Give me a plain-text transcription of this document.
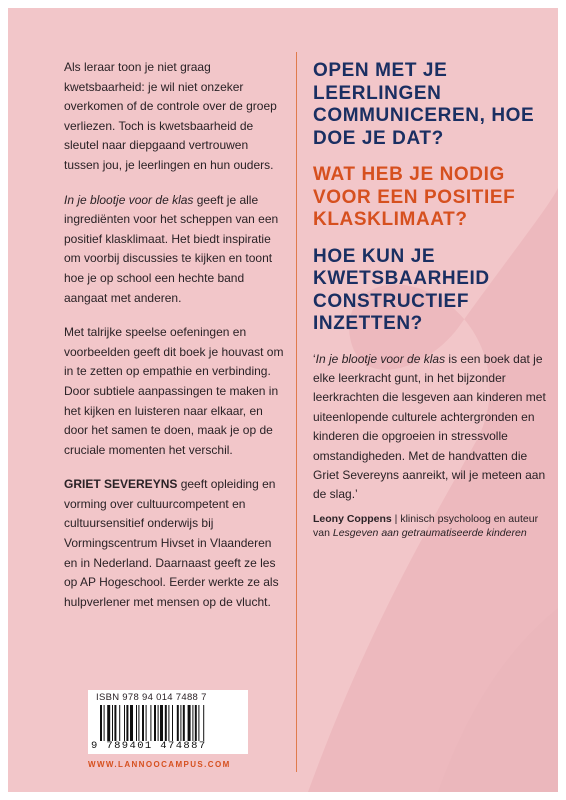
Als leraar toon je niet graag kwetsbaarheid: je wil niet onzeker overkomen of de controle over de groep verliezen. Toch is kwetsbaarheid de sleutel naar diepgaand vertrouwen tussen jou, je leerlingen en hun ouders.

In je blootje voor de klas geeft je alle ingrediënten voor het scheppen van een positief klasklimaat. Het biedt inspiratie om voorbij discussies te kijken en toont hoe je op school een hechte band aangaat met anderen.

Met talrijke speelse oefeningen en voorbeelden geeft dit boek je houvast om in te zetten op empathie en verbinding. Door subtiele aanpassingen te maken in het kijken en luisteren naar elkaar, en door het samen te doen, maak je op de cruciale momenten het verschil.

GRIET SEVEREYNS geeft opleiding en vorming over cultuurcompetent en cultuursensitief onderwijs bij Vormingscentrum Hivset in Vlaanderen en in Nederland. Daarnaast geeft ze les op AP Hogeschool. Eerder werkte ze als hulpverlener met mensen op de vlucht.

OPEN MET JE LEERLINGEN COMMUNICEREN, HOE DOE JE DAT?
WAT HEB JE NODIG VOOR EEN POSITIEF KLASKLIMAAT?
HOE KUN JE KWETSBAARHEID CONSTRUCTIEF INZETTEN?
‘In je blootje voor de klas is een boek dat je elke leerkracht gunt, in het bijzonder leerkrachten die lesgeven aan kinderen met uiteenlopende culturele achtergronden en kinderen die opgroeien in stressvolle omstandigheden. Met de handvatten die Griet Severeyns aanreikt, wil je meteen aan de slag.’
Leony Coppens | klinisch psycholoog en auteur van Lesgeven aan getraumatiseerde kinderen
ISBN 978 94 014 7488 7
9 789401 474887
WWW.LANNOOCAMPUS.COM
